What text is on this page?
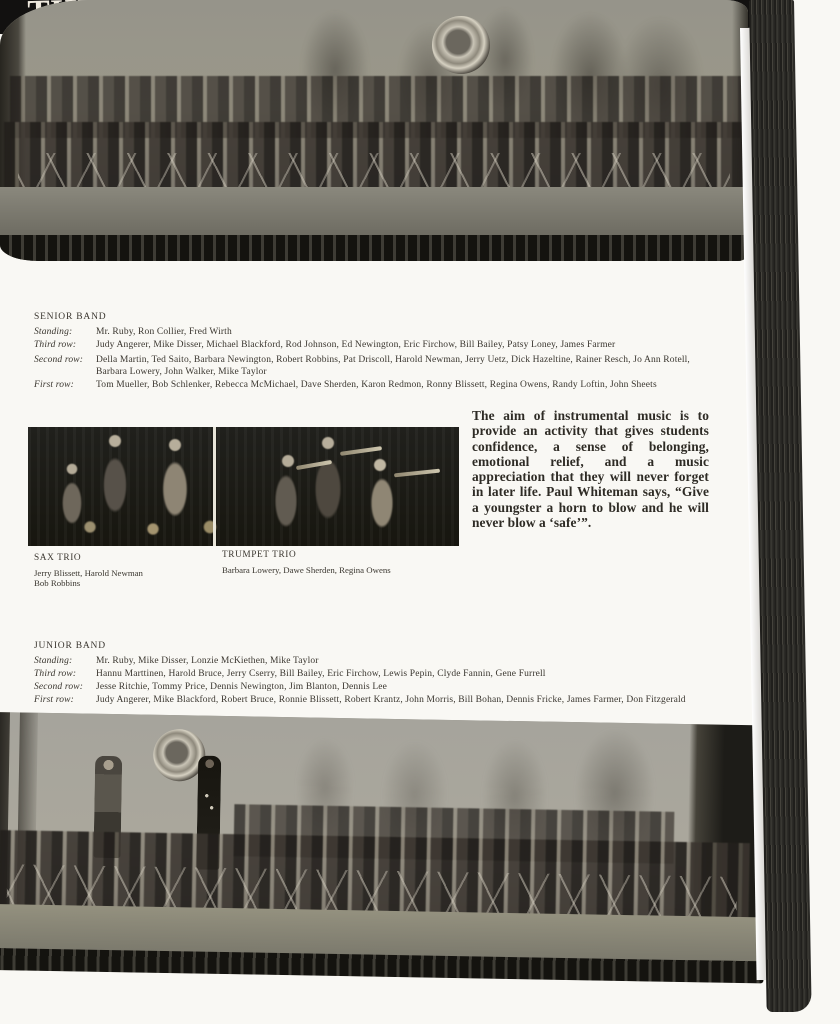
SENIOR BAND
Standing:	Mr. Ruby, Ron Collier, Fred Wirth
Third row:	Judy Angerer, Mike Disser, Michael Blackford, Rod Johnson, Ed Newington, Eric Firchow, Bill Bailey, Patsy Loney, James Farmer
Second row:	Della Martin, Ted Saito, Barbara Newington, Robert Robbins, Pat Driscoll, Harold Newman, Jerry Uetz, Dick Hazeltine, Rainer Resch, Jo Ann Rotell, Barbara Lowery, John Walker, Mike Taylor
First row:	Tom Mueller, Bob Schlenker, Rebecca McMichael, Dave Sherden, Karon Redmon, Ronny Blissett, Regina Owens, Randy Loftin, John Sheets
SAX TRIO
Jerry Blissett, Harold Newman
Bob Robbins
TRUMPET TRIO
Barbara Lowery, Dawe Sherden, Regina Owens
The aim of instrumental music is to provide an activity that gives students confidence, a sense of belonging, emotional relief, and a music appreciation that they will never forget in later life. Paul Whiteman says, “Give a youngster a horn to blow and he will never blow a ‘safe’”.
JUNIOR BAND
Standing:	Mr. Ruby, Mike Disser, Lonzie McKiethen, Mike Taylor
Third row:	Hannu Marttinen, Harold Bruce, Jerry Cserry, Bill Bailey, Eric Firchow, Lewis Pepin, Clyde Fannin, Gene Furrell
Second row:	Jesse Ritchie, Tommy Price, Dennis Newington, Jim Blanton, Dennis Lee
First row:	Judy Angerer, Mike Blackford, Robert Bruce, Ronnie Blissett, Robert Krantz, John Morris, Bill Bohan, Dennis Fricke, James Farmer, Don Fitzgerald
